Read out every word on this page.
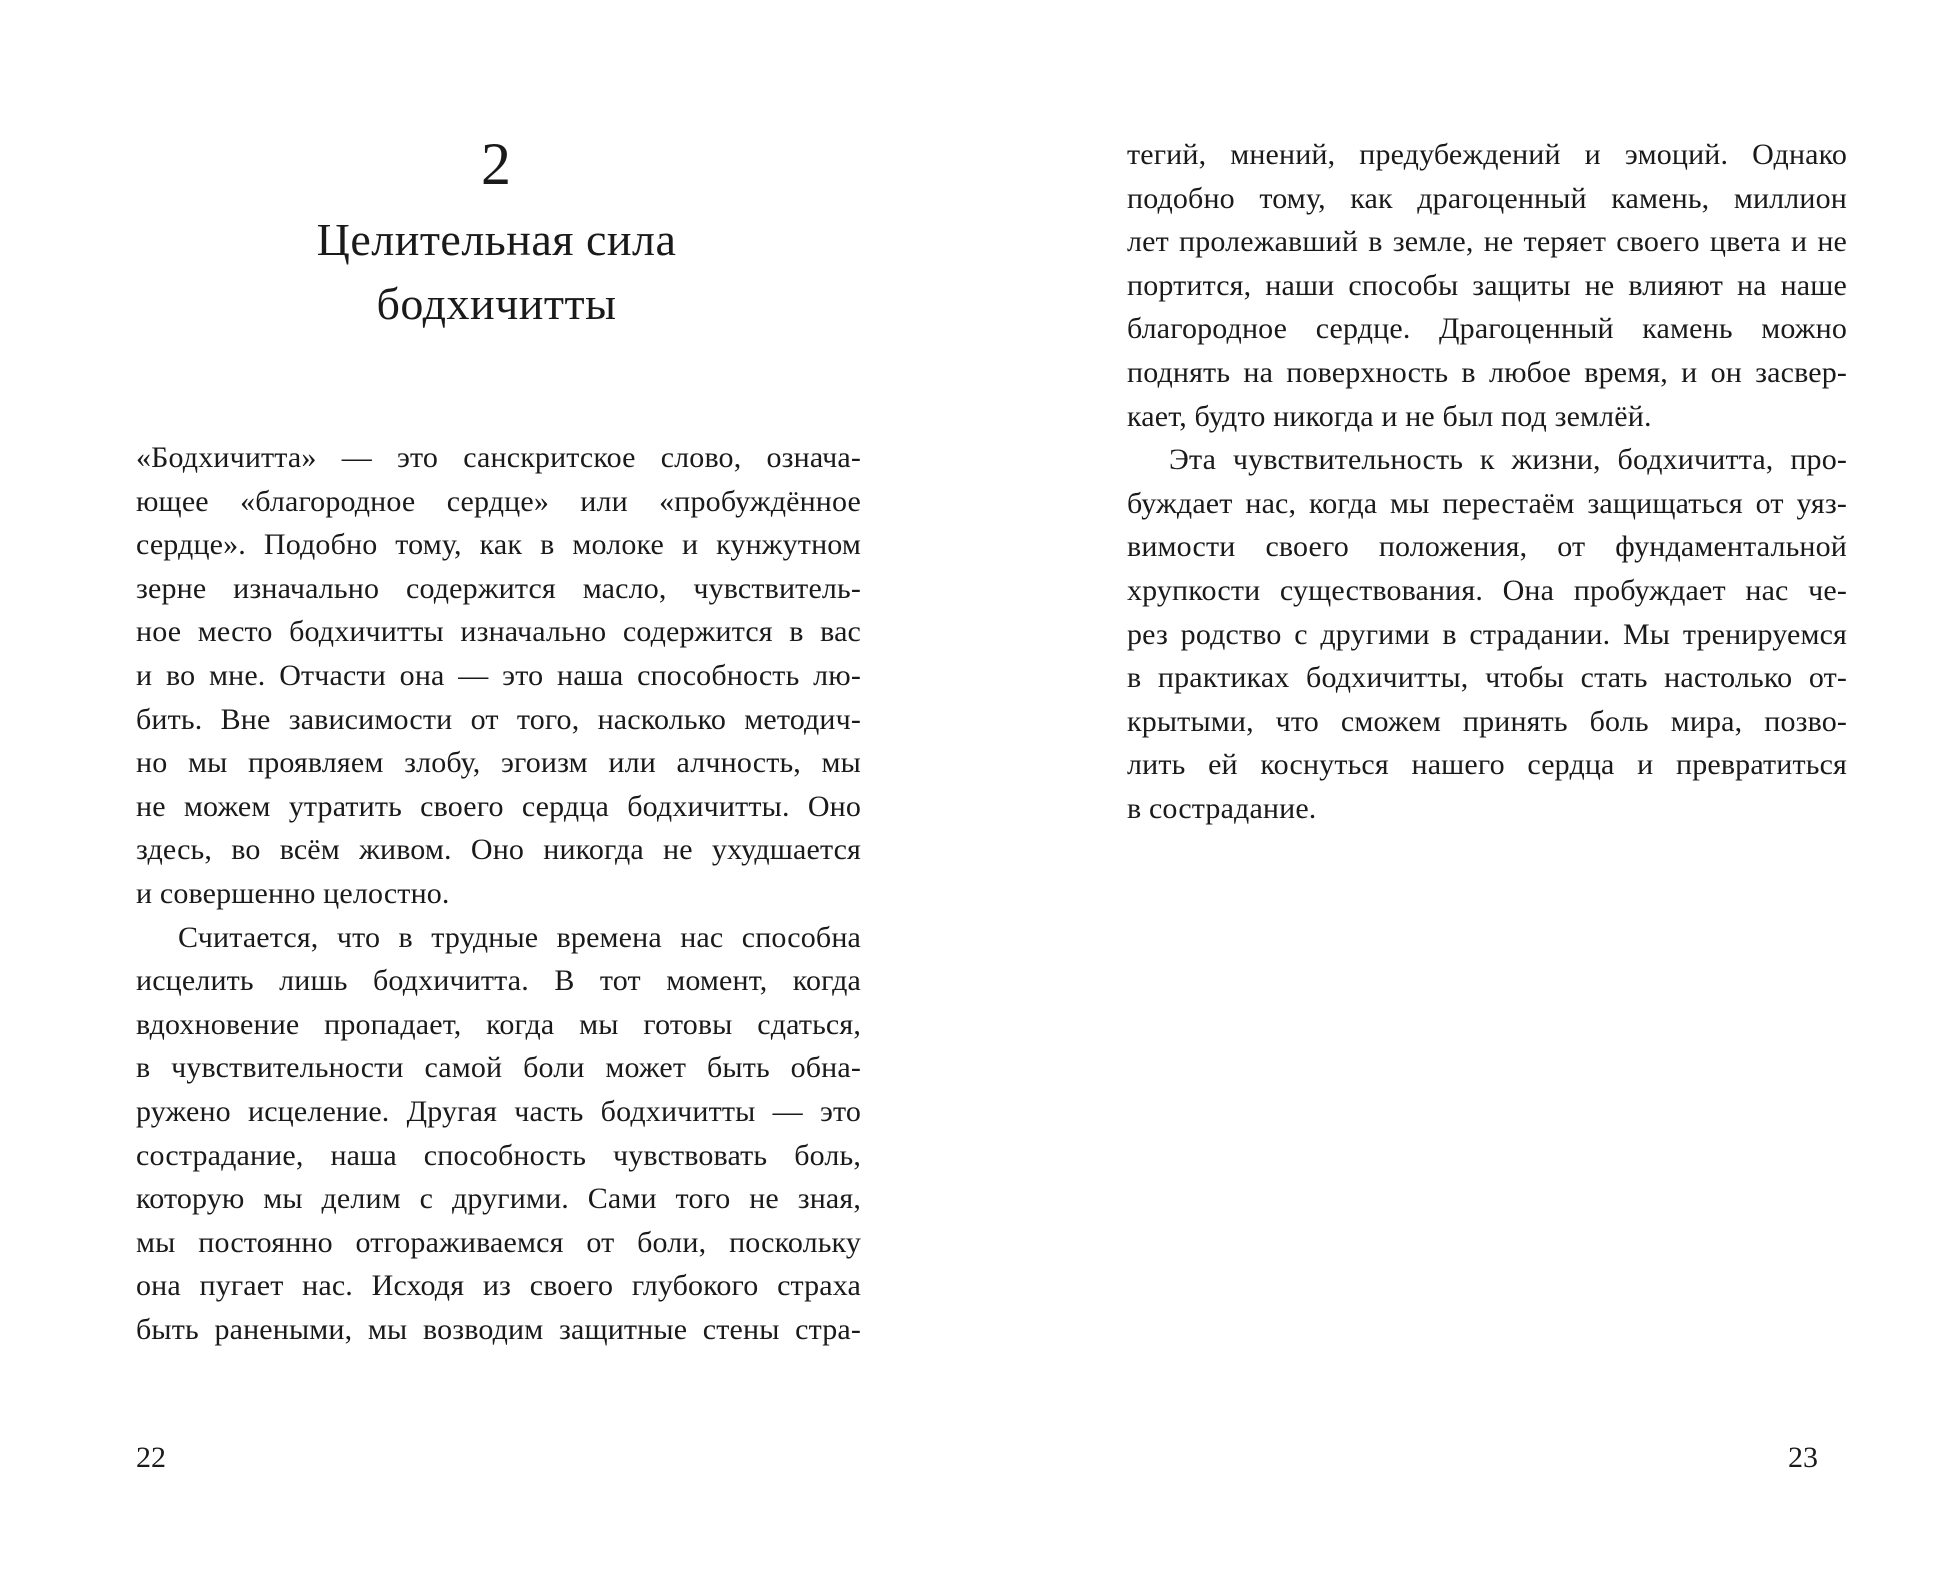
2
Целительная сила
бодхичитты
«Бодхичитта» — это санскритское слово, означа-
ющее «благородное сердце» или «пробуждённое
сердце». Подобно тому, как в молоке и кунжутном
зерне изначально содержится масло, чувствитель-
ное место бодхичитты изначально содержится в вас
и во мне. Отчасти она — это наша способность лю-
бить. Вне зависимости от того, насколько методич-
но мы проявляем злобу, эгоизм или алчность, мы
не можем утратить своего сердца бодхичитты. Оно
здесь, во всём живом. Оно никогда не ухудшается
и совершенно целостно.
Считается, что в трудные времена нас способна
исцелить лишь бодхичитта. В тот момент, когда
вдохновение пропадает, когда мы готовы сдаться,
в чувствительности самой боли может быть обна-
ружено исцеление. Другая часть бодхичитты — это
сострадание, наша способность чувствовать боль,
которую мы делим с другими. Сами того не зная,
мы постоянно отгораживаемся от боли, поскольку
она пугает нас. Исходя из своего глубокого страха
быть ранеными, мы возводим защитные стены стра-
22
тегий, мнений, предубеждений и эмоций. Однако
подобно тому, как драгоценный камень, миллион
лет пролежавший в земле, не теряет своего цвета и не
портится, наши способы защиты не влияют на наше
благородное сердце. Драгоценный камень можно
поднять на поверхность в любое время, и он засвер-
кает, будто никогда и не был под землёй.
Эта чувствительность к жизни, бодхичитта, про-
буждает нас, когда мы перестаём защищаться от уяз-
вимости своего положения, от фундаментальной
хрупкости существования. Она пробуждает нас че-
рез родство с другими в страдании. Мы тренируемся
в практиках бодхичитты, чтобы стать настолько от-
крытыми, что сможем принять боль мира, позво-
лить ей коснуться нашего сердца и превратиться
в сострадание.
23
